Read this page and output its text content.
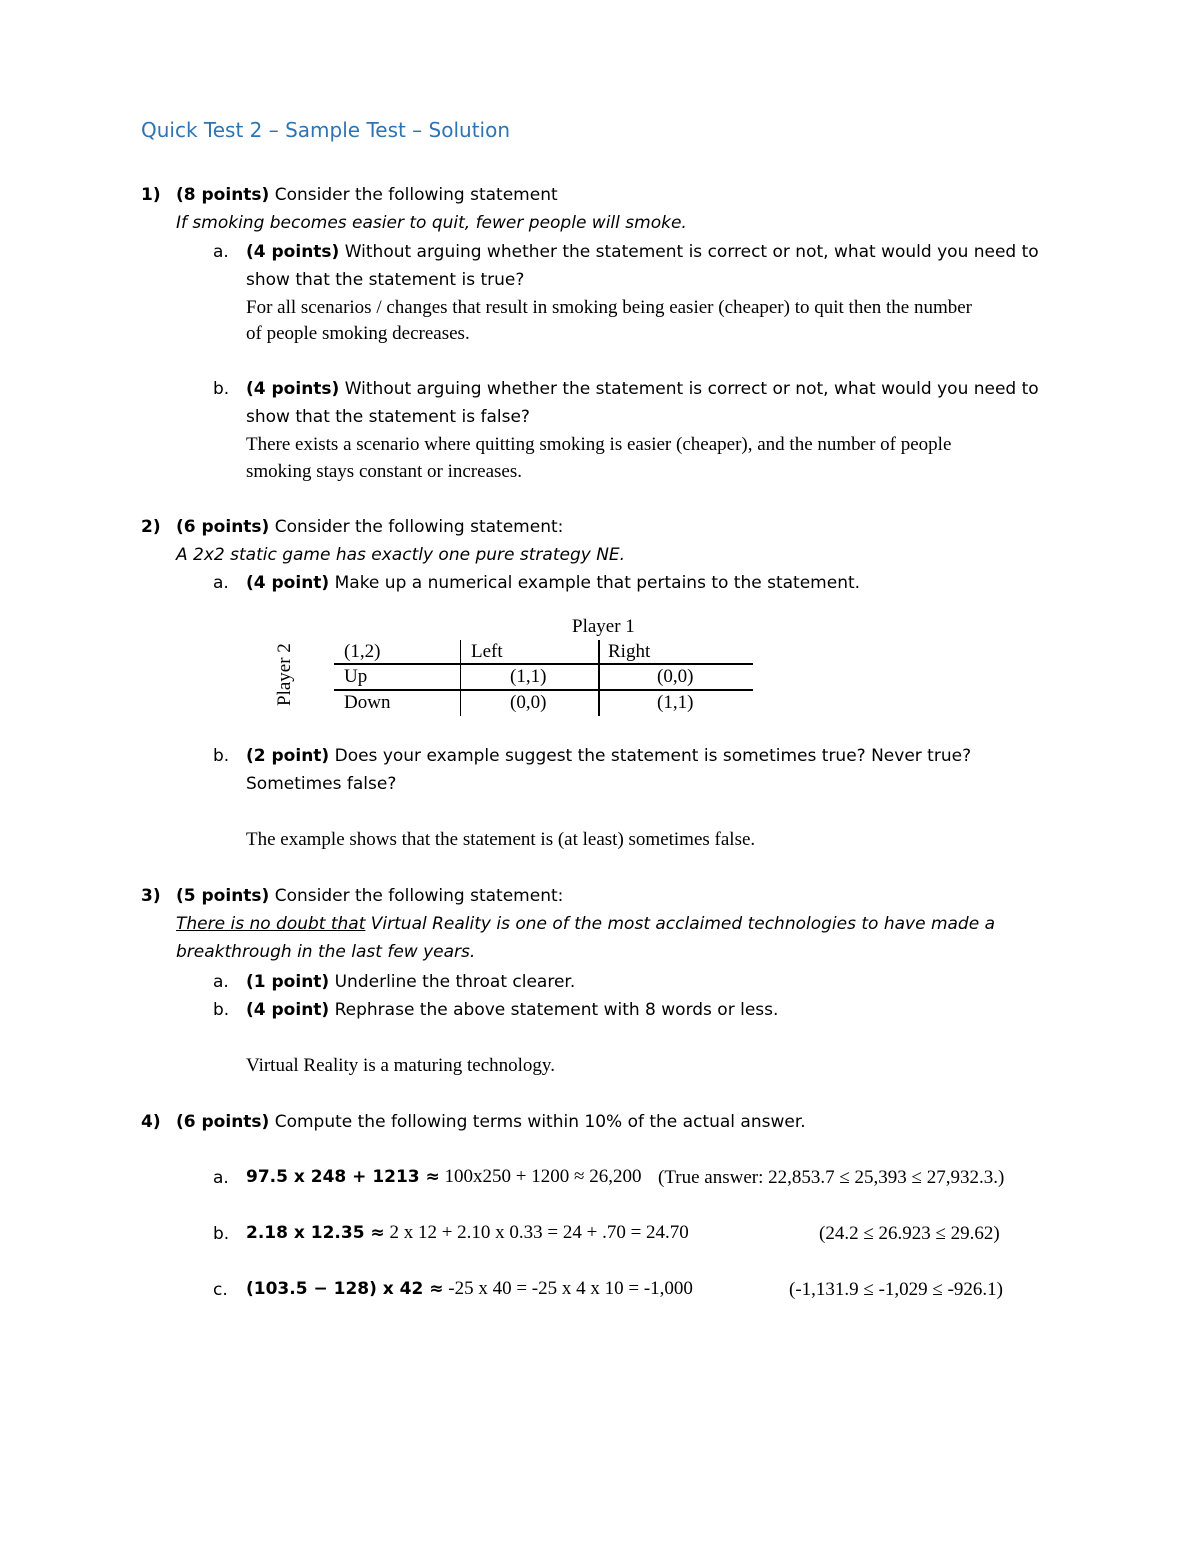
Quick Test 2 – Sample Test – Solution
1) (8 points) Consider the following statement
If smoking becomes easier to quit, fewer people will smoke.
a. (4 points) Without arguing whether the statement is correct or not, what would you need to
show that the statement is true?
For all scenarios / changes that result in smoking being easier (cheaper) to quit then the number
of people smoking decreases.
b. (4 points) Without arguing whether the statement is correct or not, what would you need to
show that the statement is false?
There exists a scenario where quitting smoking is easier (cheaper), and the number of people
smoking stays constant or increases.
2) (6 points) Consider the following statement:
A 2x2 static game has exactly one pure strategy NE.
a. (4 point) Make up a numerical example that pertains to the statement.
Player 1
Player 2	(1,2)	Left	Right
Up	(1,1)	(0,0)
Down	(0,0)	(1,1)
b. (2 point) Does your example suggest the statement is sometimes true? Never true?
Sometimes false?
The example shows that the statement is (at least) sometimes false.
3) (5 points) Consider the following statement:
There is no doubt that Virtual Reality is one of the most acclaimed technologies to have made a
breakthrough in the last few years.
a. (1 point) Underline the throat clearer.
b. (4 point) Rephrase the above statement with 8 words or less.
Virtual Reality is a maturing technology.
4) (6 points) Compute the following terms within 10% of the actual answer.
a. 97.5 x 248 + 1213 ≈ 100x250 + 1200 ≈ 26,200 (True answer: 22,853.7 ≤ 25,393 ≤ 27,932.3.)
b. 2.18 x 12.35 ≈ 2 x 12 + 2.10 x 0.33 = 24 + .70 = 24.70	(24.2 ≤ 26.923 ≤ 29.62)
c. (103.5 − 128) x 42 ≈ -25 x 40 = -25 x 4 x 10 = -1,000	(-1,131.9 ≤ -1,029 ≤ -926.1)
